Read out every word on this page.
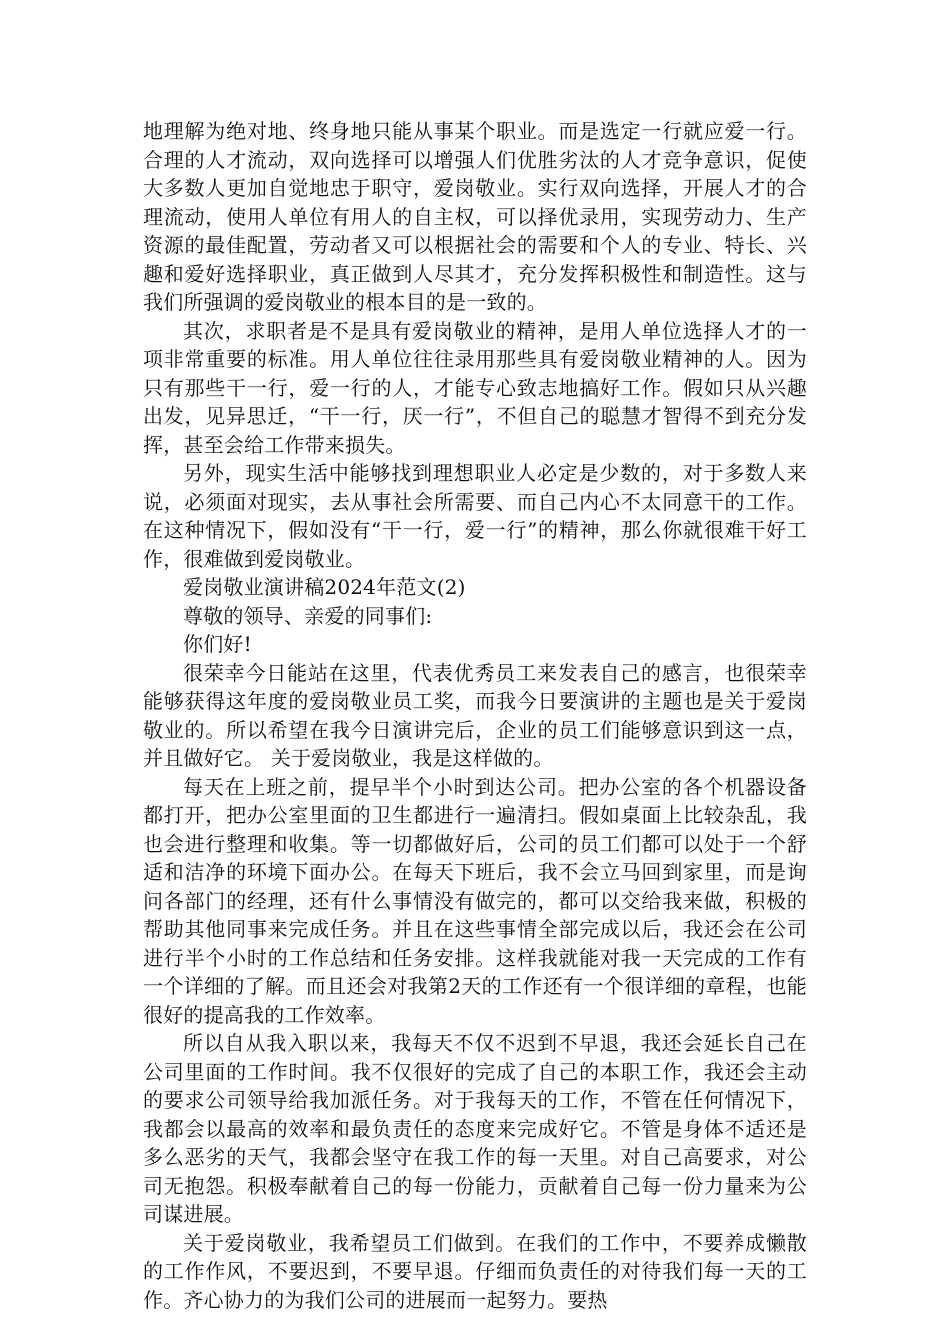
地理解为绝对地、终身地只能从事某个职业。而是选定一行就应爱一行。合理的人才流动，双向选择可以增强人们优胜劣汰的人才竞争意识，促使大多数人更加自觉地忠于职守，爱岗敬业。实行双向选择，开展人才的合理流动，使用人单位有用人的自主权，可以择优录用，实现劳动力、生产资源的最佳配置，劳动者又可以根据社会的需要和个人的专业、特长、兴趣和爱好选择职业，真正做到人尽其才，充分发挥积极性和制造性。这与我们所强调的爱岗敬业的根本目的是一致的。

其次，求职者是不是具有爱岗敬业的精神，是用人单位选择人才的一项非常重要的标准。用人单位往往录用那些具有爱岗敬业精神的人。因为只有那些干一行，爱一行的人，才能专心致志地搞好工作。假如只从兴趣出发，见异思迁，“干一行，厌一行”，不但自己的聪慧才智得不到充分发挥，甚至会给工作带来损失。

另外，现实生活中能够找到理想职业人必定是少数的，对于多数人来说，必须面对现实，去从事社会所需要、而自己内心不太同意干的工作。 在这种情况下，假如没有“干一行，爱一行”的精神，那么你就很难干好工作，很难做到爱岗敬业。

爱岗敬业演讲稿2024年范文(2)

尊敬的领导、亲爱的同事们:

你们好!

很荣幸今日能站在这里，代表优秀员工来发表自己的感言，也很荣幸能够获得这年度的爱岗敬业员工奖，而我今日要演讲的主题也是关于爱岗敬业的。所以希望在我今日演讲完后，企业的员工们能够意识到这一点，并且做好它。 关于爱岗敬业，我是这样做的。

每天在上班之前，提早半个小时到达公司。把办公室的各个机器设备都打开，把办公室里面的卫生都进行一遍清扫。假如桌面上比较杂乱，我也会进行整理和收集。等一切都做好后，公司的员工们都可以处于一个舒适和洁净的环境下面办公。在每天下班后，我不会立马回到家里，而是询问各部门的经理，还有什么事情没有做完的，都可以交给我来做，积极的帮助其他同事来完成任务。并且在这些事情全部完成以后，我还会在公司进行半个小时的工作总结和任务安排。这样我就能对我一天完成的工作有一个详细的了解。而且还会对我第2天的工作还有一个很详细的章程，也能很好的提高我的工作效率。

所以自从我入职以来，我每天不仅不迟到不早退，我还会延长自己在公司里面的工作时间。我不仅很好的完成了自己的本职工作，我还会主动的要求公司领导给我加派任务。对于我每天的工作，不管在任何情况下，我都会以最高的效率和最负责任的态度来完成好它。不管是身体不适还是多么恶劣的天气，我都会坚守在我工作的每一天里。对自己高要求，对公司无抱怨。积极奉献着自己的每一份能力，贡献着自己每一份力量来为公司谋进展。

关于爱岗敬业，我希望员工们做到。在我们的工作中，不要养成懒散的工作作风，不要迟到，不要早退。仔细而负责任的对待我们每一天的工作。齐心协力的为我们公司的进展而一起努力。要热
